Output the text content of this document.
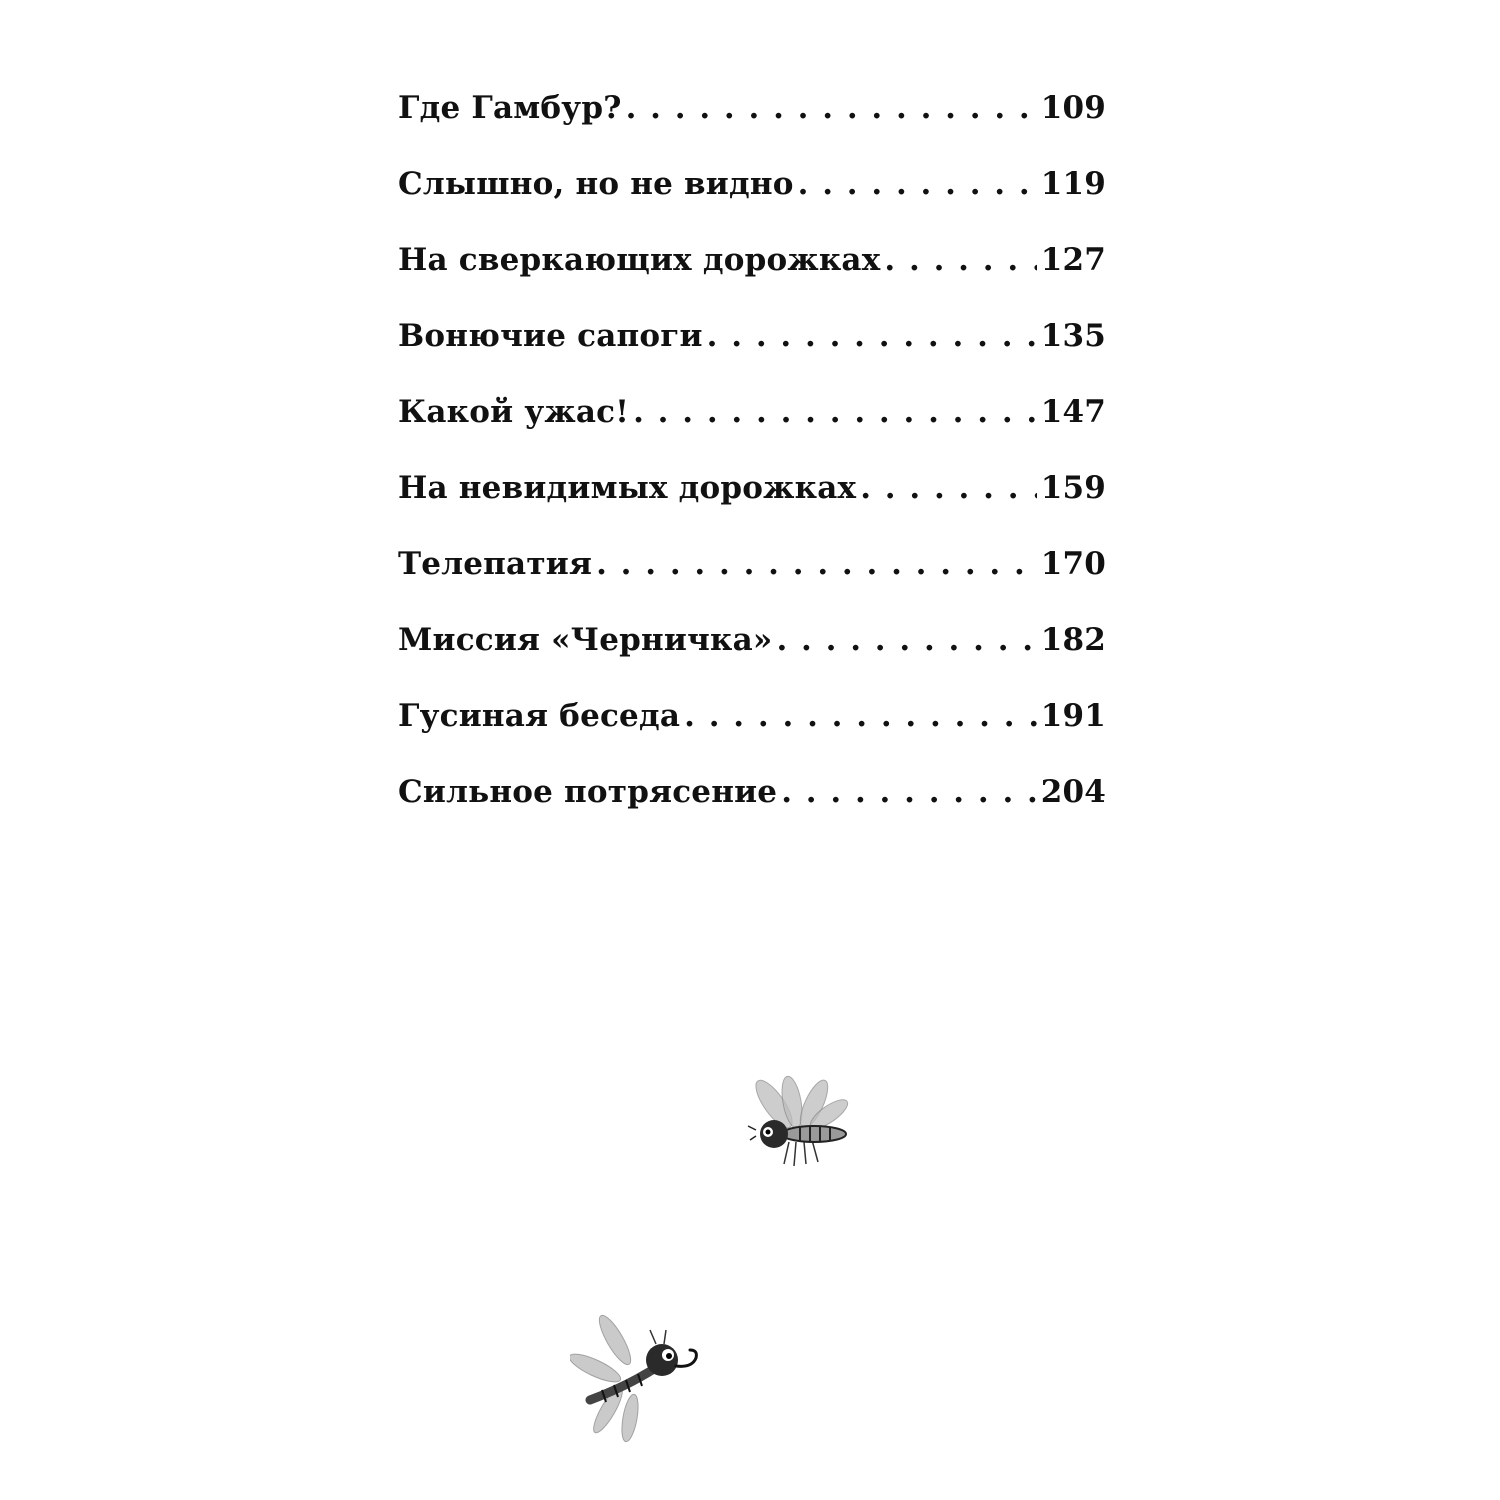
Где Гамбур? . . .	109
Слышно, но не видно . . .	119
На сверкающих дорожках . . .	127
Вонючие сапоги . . .	135
Какой ужас! . . .	147
На невидимых дорожках . . .	159
Телепатия . . .	170
Миссия «Черничка» . . .	182
Гусиная беседа . . .	191
Сильное потрясение . . .	204
